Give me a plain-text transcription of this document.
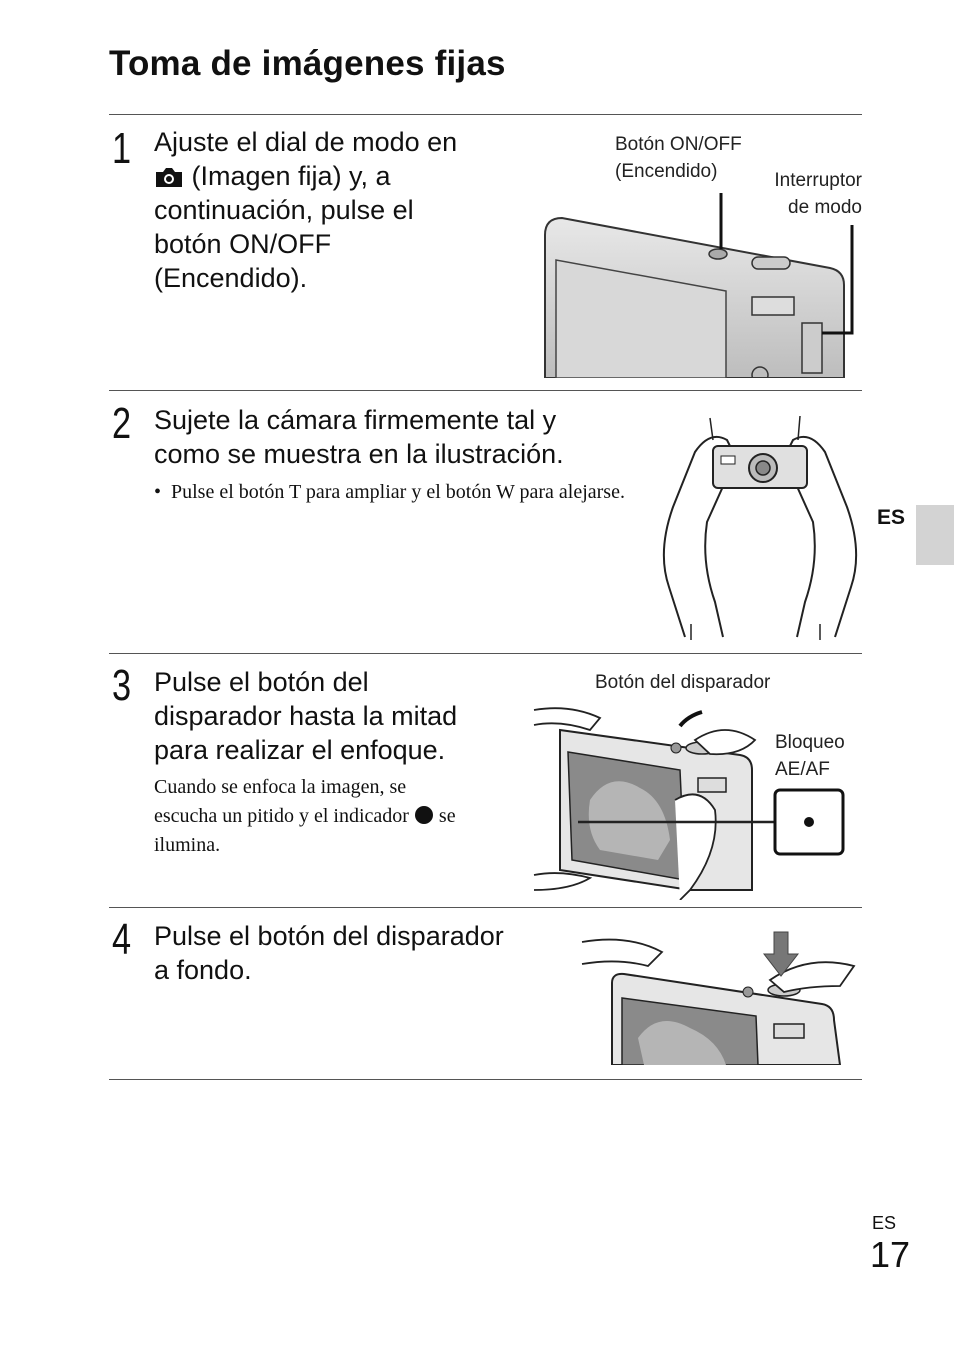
Toma de imágenes fijas
1 Ajuste el dial de modo en
(Imagen fija) y, a
continuación, pulse el
botón ON/OFF
(Encendido).
Botón ON/OFF
(Encendido)	Interruptor
de modo
2 Sujete la cámara firmemente tal y
como se muestra en la ilustración.
• Pulse el botón T para ampliar y el botón W para alejarse.
3 Pulse el botón del
disparador hasta la mitad
para realizar el enfoque.
Cuando se enfoca la imagen, se
escucha un pitido y el indicador  se
ilumina.
Botón del disparador
Bloqueo
AE/AF
4 Pulse el botón del disparador
a fondo.
ES
ES
17
